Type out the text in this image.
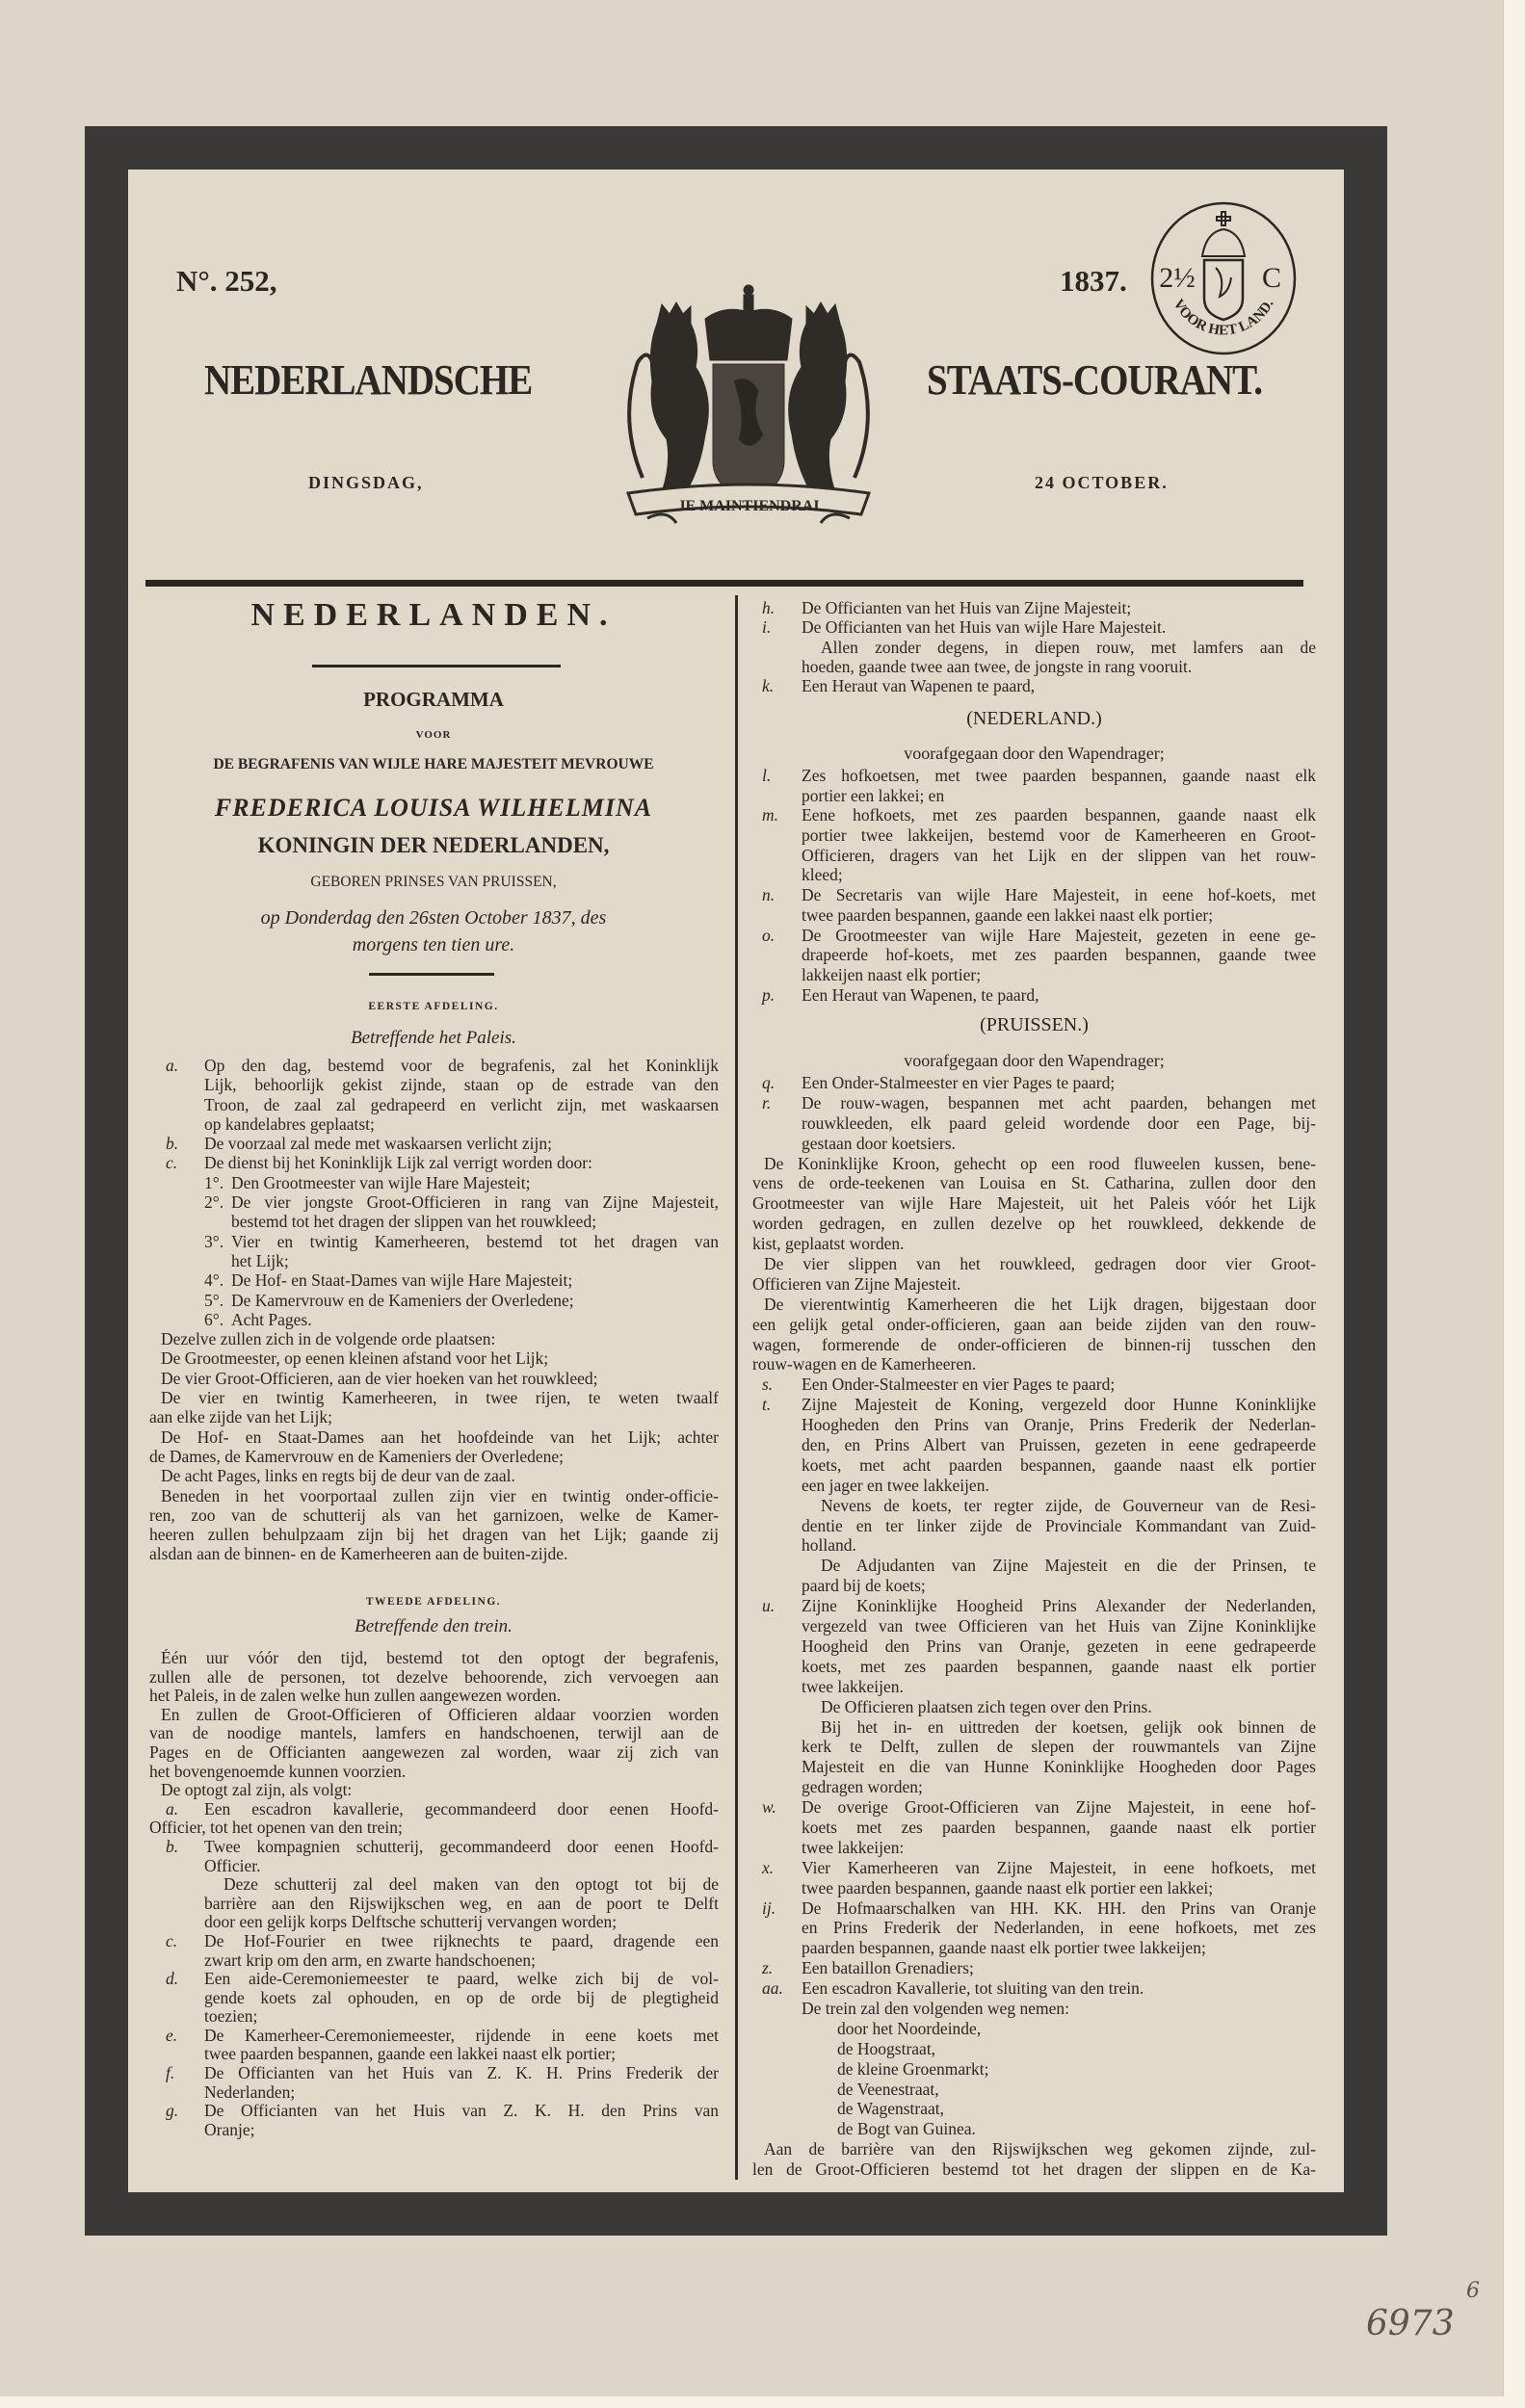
N°. 252,	1837.
NEDERLANDSCHE	STAATS-COURANT.
DINGSDAG,	24 OCTOBER.
JE MAINTIENDRAI
2½ C
VOOR HET LAND.
NEDERLANDEN.
PROGRAMMA
VOOR
DE BEGRAFENIS VAN WIJLE HARE MAJESTEIT MEVROUWE
FREDERICA LOUISA WILHELMINA
KONINGIN DER NEDERLANDEN,
GEBOREN PRINSES VAN PRUISSEN,
op Donderdag den 26sten October 1837, des
morgens ten tien ure.
EERSTE AFDELING.
Betreffende het Paleis.
a. Op den dag, bestemd voor de begrafenis, zal het Koninklijk
Lijk, behoorlijk gekist zijnde, staan op de estrade van den
Troon, de zaal zal gedrapeerd en verlicht zijn, met waskaarsen
op kandelabres geplaatst;
b. De voorzaal zal mede met waskaarsen verlicht zijn;
c. De dienst bij het Koninklijk Lijk zal verrigt worden door:
1°. Den Grootmeester van wijle Hare Majesteit;
2°. De vier jongste Groot-Officieren in rang van Zijne Majesteit,
bestemd tot het dragen der slippen van het rouwkleed;
3°. Vier en twintig Kamerheeren, bestemd tot het dragen van
het Lijk;
4°. De Hof- en Staat-Dames van wijle Hare Majesteit;
5°. De Kamervrouw en de Kameniers der Overledene;
6°. Acht Pages.
Dezelve zullen zich in de volgende orde plaatsen:
De Grootmeester, op eenen kleinen afstand voor het Lijk;
De vier Groot-Officieren, aan de vier hoeken van het rouwkleed;
De vier en twintig Kamerheeren, in twee rijen, te weten twaalf
aan elke zijde van het Lijk;
De Hof- en Staat-Dames aan het hoofdeinde van het Lijk; achter
de Dames, de Kamervrouw en de Kameniers der Overledene;
De acht Pages, links en regts bij de deur van de zaal.
Beneden in het voorportaal zullen zijn vier en twintig onder-officie-
ren, zoo van de schutterij als van het garnizoen, welke de Kamer-
heeren zullen behulpzaam zijn bij het dragen van het Lijk; gaande zij
alsdan aan de binnen- en de Kamerheeren aan de buiten-zijde.
TWEEDE AFDELING.
Betreffende den trein.
Één uur vóór den tijd, bestemd tot den optogt der begrafenis,
zullen alle de personen, tot dezelve behoorende, zich vervoegen aan
het Paleis, in de zalen welke hun zullen aangewezen worden.
En zullen de Groot-Officieren of Officieren aldaar voorzien worden
van de noodige mantels, lamfers en handschoenen, terwijl aan de
Pages en de Officianten aangewezen zal worden, waar zij zich van
het bovengenoemde kunnen voorzien.
De optogt zal zijn, als volgt:
a. Een escadron kavallerie, gecommandeerd door eenen Hoofd-
Officier, tot het openen van den trein;
b. Twee kompagnien schutterij, gecommandeerd door eenen Hoofd-
Officier.
Deze schutterij zal deel maken van den optogt tot bij de
barrière aan den Rijswijkschen weg, en aan de poort te Delft
door een gelijk korps Delftsche schutterij vervangen worden;
c. De Hof-Fourier en twee rijknechts te paard, dragende een
zwart krip om den arm, en zwarte handschoenen;
d. Een aide-Ceremoniemeester te paard, welke zich bij de vol-
gende koets zal ophouden, en op de orde bij de plegtigheid
toezien;
e. De Kamerheer-Ceremoniemeester, rijdende in eene koets met
twee paarden bespannen, gaande een lakkei naast elk portier;
f. De Officianten van het Huis van Z. K. H. Prins Frederik der
Nederlanden;
g. De Officianten van het Huis van Z. K. H. den Prins van
Oranje;
h. De Officianten van het Huis van Zijne Majesteit;
i. De Officianten van het Huis van wijle Hare Majesteit.
Allen zonder degens, in diepen rouw, met lamfers aan de
hoeden, gaande twee aan twee, de jongste in rang vooruit.
k. Een Heraut van Wapenen te paard,
(NEDERLAND.)
voorafgegaan door den Wapendrager;
l. Zes hofkoetsen, met twee paarden bespannen, gaande naast elk
portier een lakkei; en
m. Eene hofkoets, met zes paarden bespannen, gaande naast elk
portier twee lakkeijen, bestemd voor de Kamerheeren en Groot-
Officieren, dragers van het Lijk en der slippen van het rouw-
kleed;
n. De Secretaris van wijle Hare Majesteit, in eene hof-koets, met
twee paarden bespannen, gaande een lakkei naast elk portier;
o. De Grootmeester van wijle Hare Majesteit, gezeten in eene ge-
drapeerde hof-koets, met zes paarden bespannen, gaande twee
lakkeijen naast elk portier;
p. Een Heraut van Wapenen, te paard,
(PRUISSEN.)
voorafgegaan door den Wapendrager;
q. Een Onder-Stalmeester en vier Pages te paard;
r. De rouw-wagen, bespannen met acht paarden, behangen met
rouwkleeden, elk paard geleid wordende door een Page, bij-
gestaan door koetsiers.
De Koninklijke Kroon, gehecht op een rood fluweelen kussen, bene-
vens de orde-teekenen van Louisa en St. Catharina, zullen door den
Grootmeester van wijle Hare Majesteit, uit het Paleis vóór het Lijk
worden gedragen, en zullen dezelve op het rouwkleed, dekkende de
kist, geplaatst worden.
De vier slippen van het rouwkleed, gedragen door vier Groot-
Officieren van Zijne Majesteit.
De vierentwintig Kamerheeren die het Lijk dragen, bijgestaan door
een gelijk getal onder-officieren, gaan aan beide zijden van den rouw-
wagen, formerende de onder-officieren de binnen-rij tusschen den
rouw-wagen en de Kamerheeren.
s. Een Onder-Stalmeester en vier Pages te paard;
t. Zijne Majesteit de Koning, vergezeld door Hunne Koninklijke
Hoogheden den Prins van Oranje, Prins Frederik der Nederlan-
den, en Prins Albert van Pruissen, gezeten in eene gedrapeerde
koets, met acht paarden bespannen, gaande naast elk portier
een jager en twee lakkeijen.
Nevens de koets, ter regter zijde, de Gouverneur van de Resi-
dentie en ter linker zijde de Provinciale Kommandant van Zuid-
holland.
De Adjudanten van Zijne Majesteit en die der Prinsen, te
paard bij de koets;
u. Zijne Koninklijke Hoogheid Prins Alexander der Nederlanden,
vergezeld van twee Officieren van het Huis van Zijne Koninklijke
Hoogheid den Prins van Oranje, gezeten in eene gedrapeerde
koets, met zes paarden bespannen, gaande naast elk portier
twee lakkeijen.
De Officieren plaatsen zich tegen over den Prins.
Bij het in- en uittreden der koetsen, gelijk ook binnen de
kerk te Delft, zullen de slepen der rouwmantels van Zijne
Majesteit en die van Hunne Koninklijke Hoogheden door Pages
gedragen worden;
w. De overige Groot-Officieren van Zijne Majesteit, in eene hof-
koets met zes paarden bespannen, gaande naast elk portier
twee lakkeijen:
x. Vier Kamerheeren van Zijne Majesteit, in eene hofkoets, met
twee paarden bespannen, gaande naast elk portier een lakkei;
ij. De Hofmaarschalken van HH. KK. HH. den Prins van Oranje
en Prins Frederik der Nederlanden, in eene hofkoets, met zes
paarden bespannen, gaande naast elk portier twee lakkeijen;
z. Een bataillon Grenadiers;
aa. Een escadron Kavallerie, tot sluiting van den trein.
De trein zal den volgenden weg nemen:
door het Noordeinde,
de Hoogstraat,
de kleine Groenmarkt;
de Veenestraat,
de Wagenstraat,
de Bogt van Guinea.
Aan de barrière van den Rijswijkschen weg gekomen zijnde, zul-
len de Groot-Officieren bestemd tot het dragen der slippen en de Ka-
6973
6
